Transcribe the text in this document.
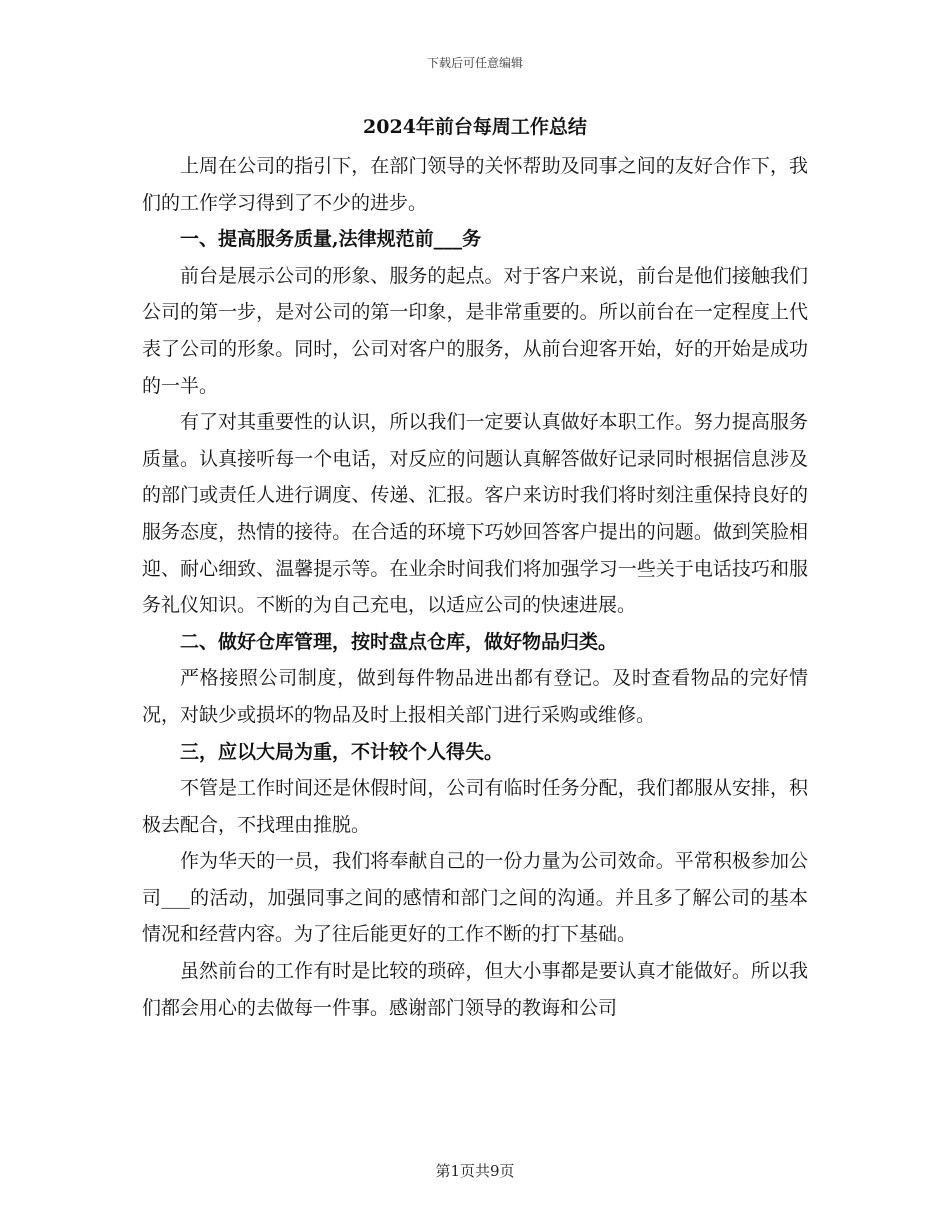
下载后可任意编辑
2024年前台每周工作总结

上周在公司的指引下，在部门领导的关怀帮助及同事之间的友好合作下，我们的工作学习得到了不少的进步。

一、提高服务质量,法律规范前___务

前台是展示公司的形象、服务的起点。对于客户来说，前台是他们接触我们公司的第一步，是对公司的第一印象，是非常重要的。所以前台在一定程度上代表了公司的形象。同时，公司对客户的服务，从前台迎客开始，好的开始是成功的一半。

有了对其重要性的认识，所以我们一定要认真做好本职工作。努力提高服务质量。认真接听每一个电话，对反应的问题认真解答做好记录同时根据信息涉及的部门或责任人进行调度、传递、汇报。客户来访时我们将时刻注重保持良好的服务态度，热情的接待。在合适的环境下巧妙回答客户提出的问题。做到笑脸相迎、耐心细致、温馨提示等。在业余时间我们将加强学习一些关于电话技巧和服务礼仪知识。不断的为自己充电，以适应公司的快速进展。

二、做好仓库管理，按时盘点仓库，做好物品归类。

严格接照公司制度，做到每件物品进出都有登记。及时查看物品的完好情况，对缺少或损坏的物品及时上报相关部门进行采购或维修。

三，应以大局为重，不计较个人得失。

不管是工作时间还是休假时间，公司有临时任务分配，我们都服从安排，积极去配合，不找理由推脱。

作为华天的一员，我们将奉献自己的一份力量为公司效命。平常积极参加公司___的活动，加强同事之间的感情和部门之间的沟通。并且多了解公司的基本情况和经营内容。为了往后能更好的工作不断的打下基础。

虽然前台的工作有时是比较的琐碎，但大小事都是要认真才能做好。所以我们都会用心的去做每一件事。感谢部门领导的教诲和公司

第1页共9页
